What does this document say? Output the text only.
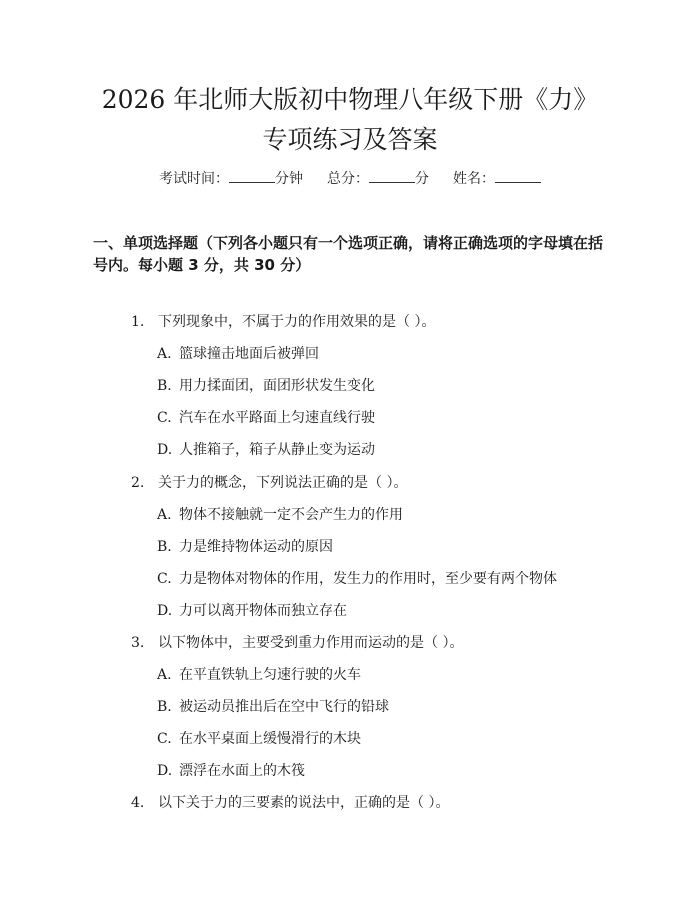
2026 年北师大版初中物理八年级下册《力》
专项练习及答案
考试时间：	分钟 总分：	分 姓名：
一、单项选择题（下列各小题只有一个选项正确，请将正确选项的字母填在括号内。每小题 3 分，共 30 分）
1. 下列现象中，不属于力的作用效果的是（ ）。
A. 篮球撞击地面后被弹回
B. 用力揉面团，面团形状发生变化
C. 汽车在水平路面上匀速直线行驶
D. 人推箱子，箱子从静止变为运动
2. 关于力的概念，下列说法正确的是（ ）。
A. 物体不接触就一定不会产生力的作用
B. 力是维持物体运动的原因
C. 力是物体对物体的作用，发生力的作用时，至少要有两个物体
D. 力可以离开物体而独立存在
3. 以下物体中，主要受到重力作用而运动的是（ ）。
A. 在平直铁轨上匀速行驶的火车
B. 被运动员推出后在空中飞行的铅球
C. 在水平桌面上缓慢滑行的木块
D. 漂浮在水面上的木筏
4. 以下关于力的三要素的说法中，正确的是（ ）。
